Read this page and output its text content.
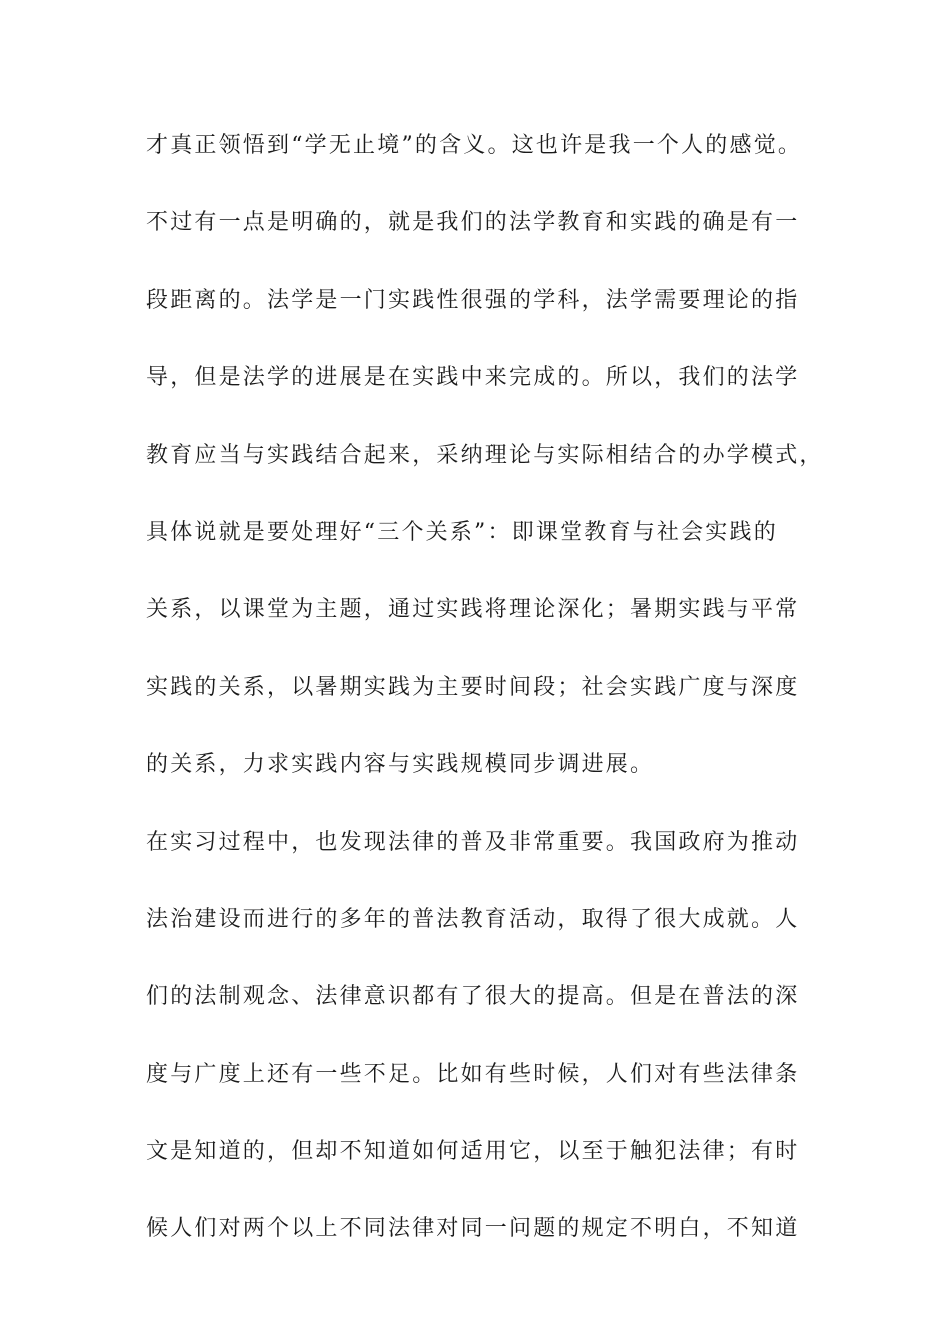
才真正领悟到“学无止境”的含义。这也许是我一个人的感觉。
不过有一点是明确的，就是我们的法学教育和实践的确是有一
段距离的。法学是一门实践性很强的学科，法学需要理论的指
导，但是法学的进展是在实践中来完成的。所以，我们的法学
教育应当与实践结合起来，采纳理论与实际相结合的办学模式，
具体说就是要处理好“三个关系”：即课堂教育与社会实践的
关系，以课堂为主题，通过实践将理论深化；暑期实践与平常
实践的关系，以暑期实践为主要时间段；社会实践广度与深度
的关系，力求实践内容与实践规模同步调进展。
在实习过程中，也发现法律的普及非常重要。我国政府为推动
法治建设而进行的多年的普法教育活动，取得了很大成就。人
们的法制观念、法律意识都有了很大的提高。但是在普法的深
度与广度上还有一些不足。比如有些时候，人们对有些法律条
文是知道的，但却不知道如何适用它，以至于触犯法律；有时
候人们对两个以上不同法律对同一问题的规定不明白，不知道
